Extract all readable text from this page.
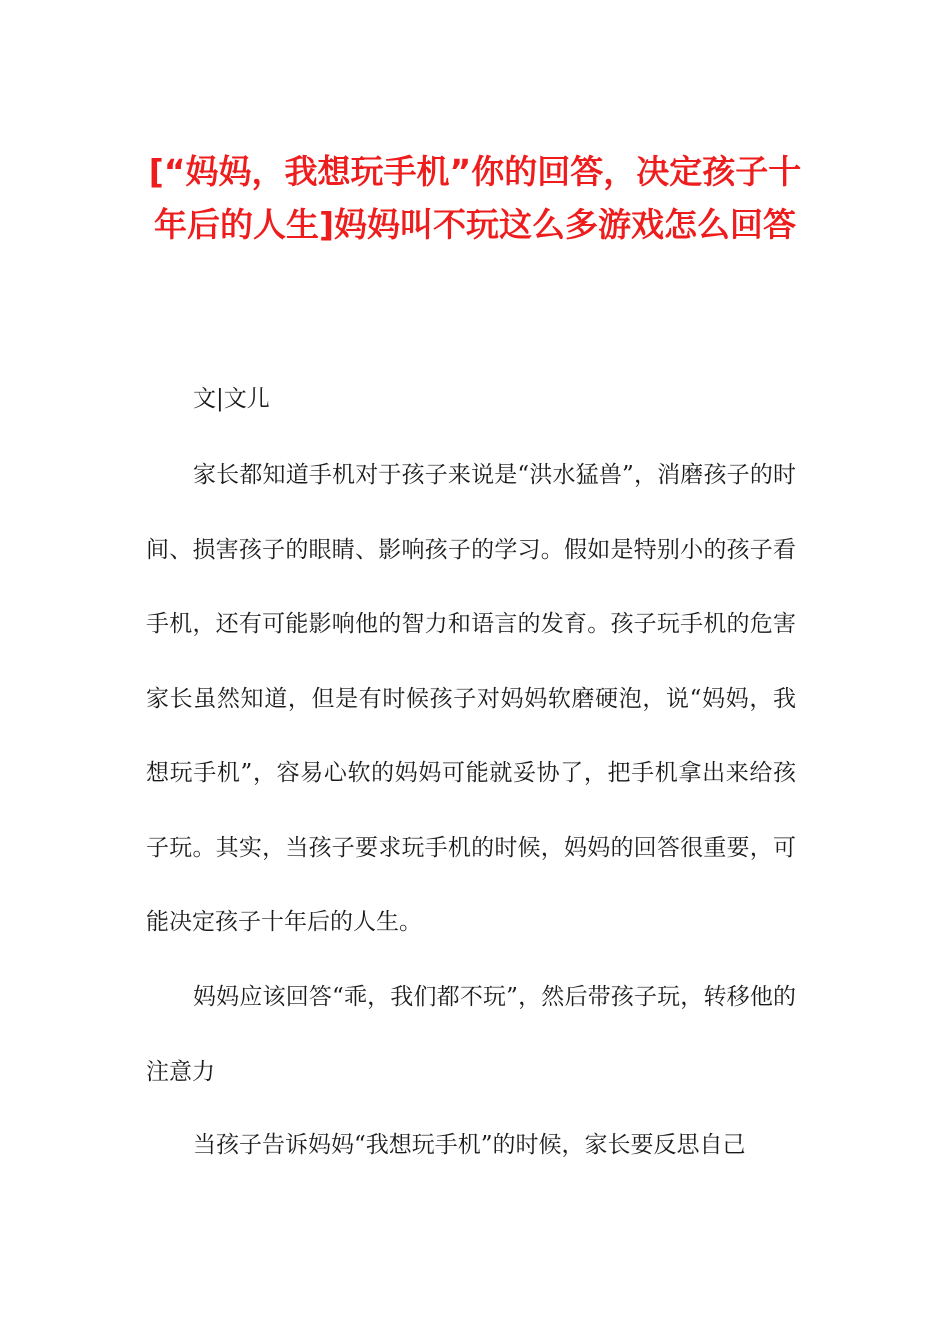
[“妈妈，我想玩手机”你的回答，决定孩子十年后的人生]妈妈叫不玩这么多游戏怎么回答

文|文儿

家长都知道手机对于孩子来说是“洪水猛兽”，消磨孩子的时间、损害孩子的眼睛、影响孩子的学习。假如是特别小的孩子看手机，还有可能影响他的智力和语言的发育。孩子玩手机的危害家长虽然知道，但是有时候孩子对妈妈软磨硬泡，说“妈妈，我想玩手机”，容易心软的妈妈可能就妥协了，把手机拿出来给孩子玩。其实，当孩子要求玩手机的时候，妈妈的回答很重要，可能决定孩子十年后的人生。

妈妈应该回答“乖，我们都不玩”，然后带孩子玩，转移他的注意力

当孩子告诉妈妈“我想玩手机”的时候，家长要反思自己
